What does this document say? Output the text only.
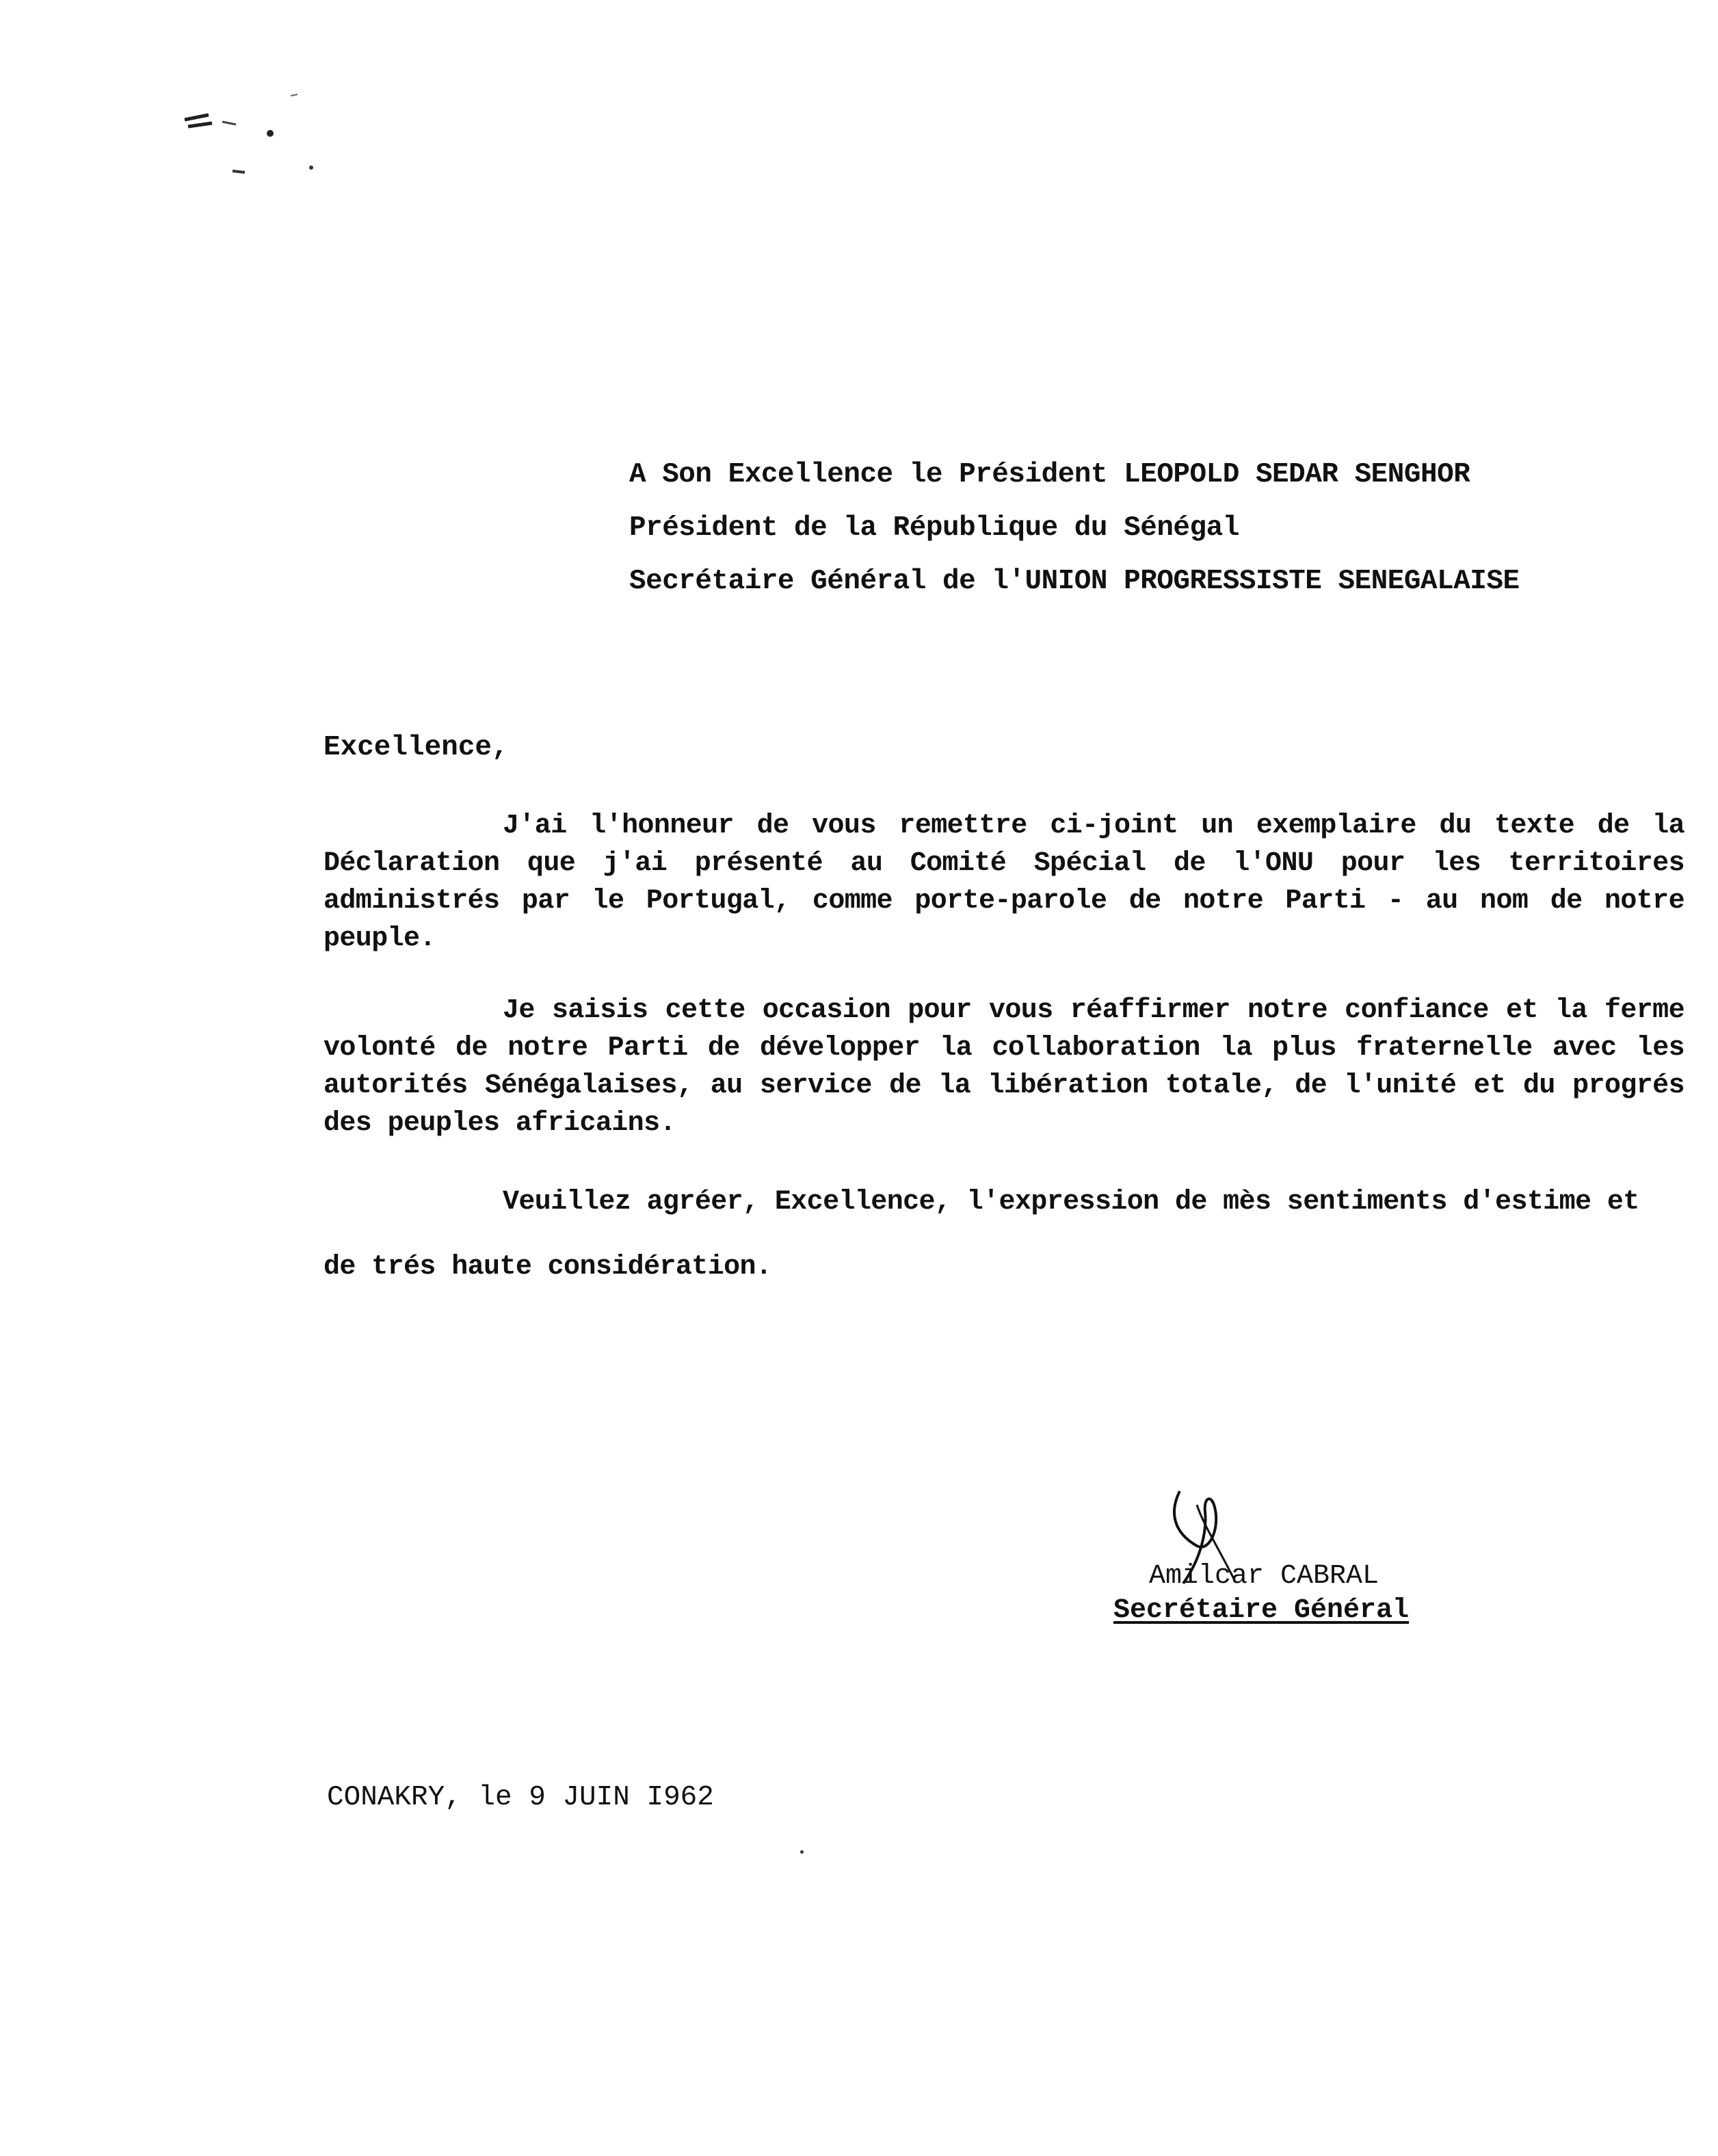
A Son Excellence le Président LEOPOLD SEDAR SENGHOR
Président de la République du Sénégal
Secrétaire Général de l'UNION PROGRESSISTE SENEGALAISE
Excellence,

J'ai l'honneur de vous remettre ci-joint un exemplaire du texte de la Déclaration que j'ai présenté au Comité Spécial de l'ONU pour les territoires administrés par le Portugal, comme porte-parole de notre Parti - au nom de notre peuple.

Je saisis cette occasion pour vous réaffirmer notre confiance et la ferme volonté de notre Parti de développer la collaboration la plus fraternelle avec les autorités Sénégalaises, au service de la libération totale, de l'unité et du progrés des peuples africains.

Veuillez agréer, Excellence, l'expression de mès sentiments d'estime et de trés haute considération.

Amilcar CABRAL
Secrétaire Général
CONAKRY, le 9 JUIN I962
